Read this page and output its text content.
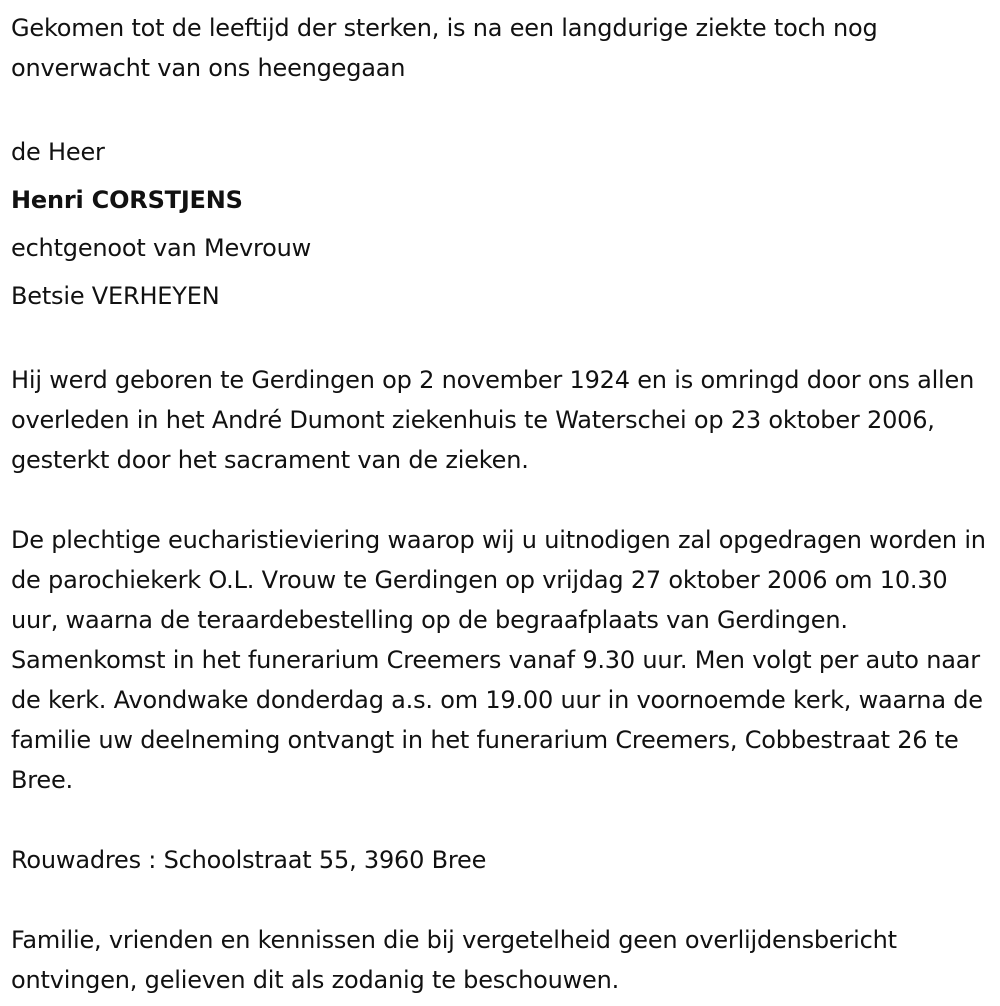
Gekomen tot de leeftijd der sterken, is na een langdurige ziekte toch nog onverwacht van ons heengegaan

de Heer

Henri CORSTJENS

echtgenoot van Mevrouw

Betsie VERHEYEN

Hij werd geboren te Gerdingen op 2 november 1924 en is omringd door ons allen overleden in het André Dumont ziekenhuis te Waterschei op 23 oktober 2006, gesterkt door het sacrament van de zieken.

De plechtige eucharistieviering waarop wij u uitnodigen zal opgedragen worden in de parochiekerk O.L. Vrouw te Gerdingen op vrijdag 27 oktober 2006 om 10.30 uur, waarna de teraardebestelling op de begraafplaats van Gerdingen. Samenkomst in het funerarium Creemers vanaf 9.30 uur. Men volgt per auto naar de kerk. Avondwake donderdag a.s. om 19.00 uur in voornoemde kerk, waarna de familie uw deelneming ontvangt in het funerarium Creemers, Cobbestraat 26 te Bree.

Rouwadres : Schoolstraat 55, 3960 Bree

Familie, vrienden en kennissen die bij vergetelheid geen overlijdensbericht ontvingen, gelieven dit als zodanig te beschouwen.
